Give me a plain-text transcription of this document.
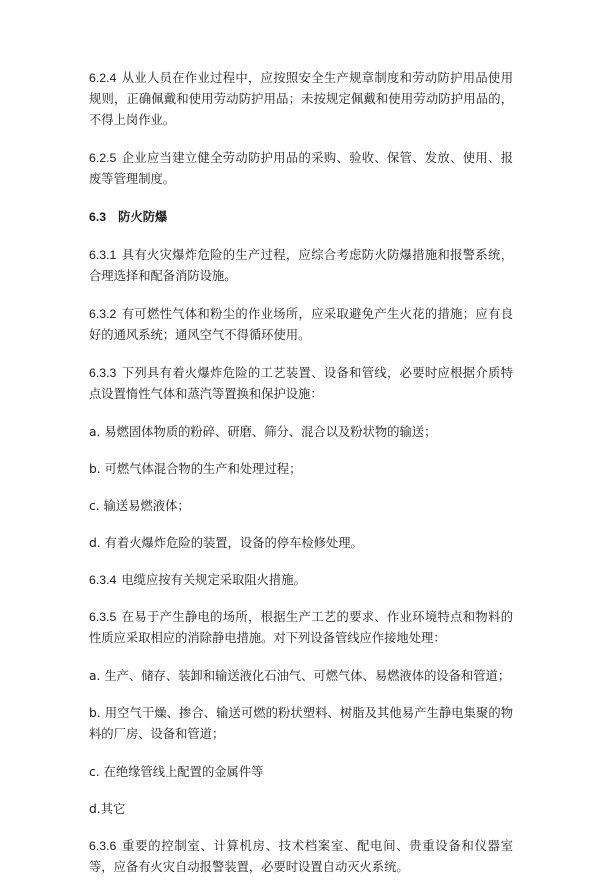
6.2.4 从业人员在作业过程中，应按照安全生产规章制度和劳动防护用品使用规则，正确佩戴和使用劳动防护用品；未按规定佩戴和使用劳动防护用品的，不得上岗作业。

6.2.5 企业应当建立健全劳动防护用品的采购、验收、保管、发放、使用、报废等管理制度。

6.3 防火防爆

6.3.1 具有火灾爆炸危险的生产过程，应综合考虑防火防爆措施和报警系统，合理选择和配备消防设施。

6.3.2 有可燃性气体和粉尘的作业场所，应采取避免产生火花的措施；应有良好的通风系统；通风空气不得循环使用。

6.3.3 下列具有着火爆炸危险的工艺装置、设备和管线，必要时应根据介质特点设置惰性气体和蒸汽等置换和保护设施：

a. 易燃固体物质的粉碎、研磨、筛分、混合以及粉状物的输送；

b. 可燃气体混合物的生产和处理过程；

c. 输送易燃液体；

d. 有着火爆炸危险的装置，设备的停车检修处理。

6.3.4 电缆应按有关规定采取阻火措施。

6.3.5 在易于产生静电的场所，根据生产工艺的要求、作业环境特点和物料的性质应采取相应的消除静电措施。对下列设备管线应作接地处理：

a. 生产、储存、装卸和输送液化石油气、可燃气体、易燃液体的设备和管道；

b. 用空气干燥、掺合、输送可燃的粉状塑料、树脂及其他易产生静电集聚的物料的厂房、设备和管道；

c. 在绝缘管线上配置的金属件等

d.其它

6.3.6 重要的控制室、计算机房、技术档案室、配电间、贵重设备和仪器室等，应备有火灾自动报警装置，必要时设置自动灭火系统。
